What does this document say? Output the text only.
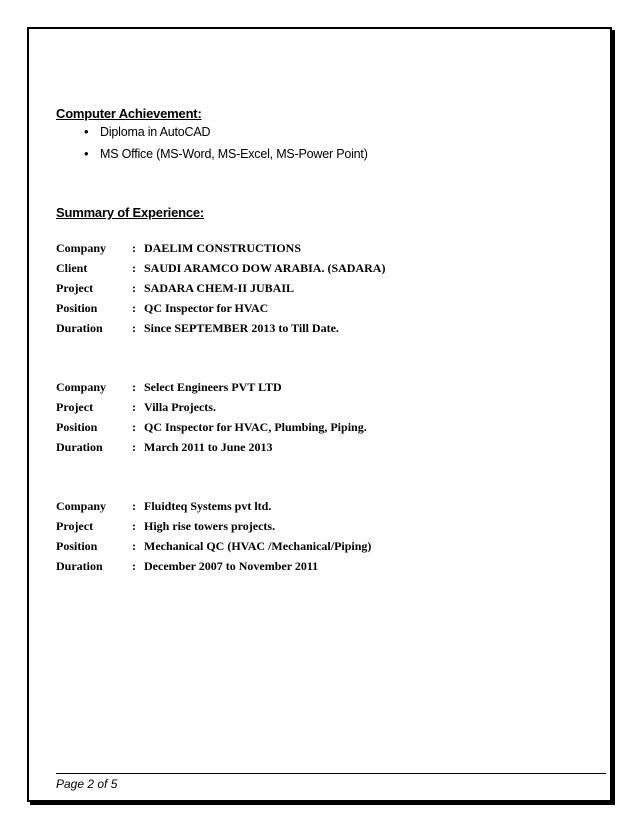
Computer Achievement:
• Diploma in AutoCAD
• MS Office (MS-Word, MS-Excel, MS-Power Point)
Summary of Experience:
Company : DAELIM CONSTRUCTIONS
Client	: SAUDI ARAMCO DOW ARABIA. (SADARA)
Project	: SADARA CHEM-II JUBAIL
Position	: QC Inspector for HVAC
Duration : Since SEPTEMBER 2013 to Till Date.
Company : Select Engineers PVT LTD
Project	: Villa Projects.
Position	: QC Inspector for HVAC, Plumbing, Piping.
Duration : March 2011 to June 2013
Company : Fluidteq Systems pvt ltd.
Project	: High rise towers projects.
Position	: Mechanical QC (HVAC /Mechanical/Piping)
Duration : December 2007 to November 2011
Page 2 of 5
